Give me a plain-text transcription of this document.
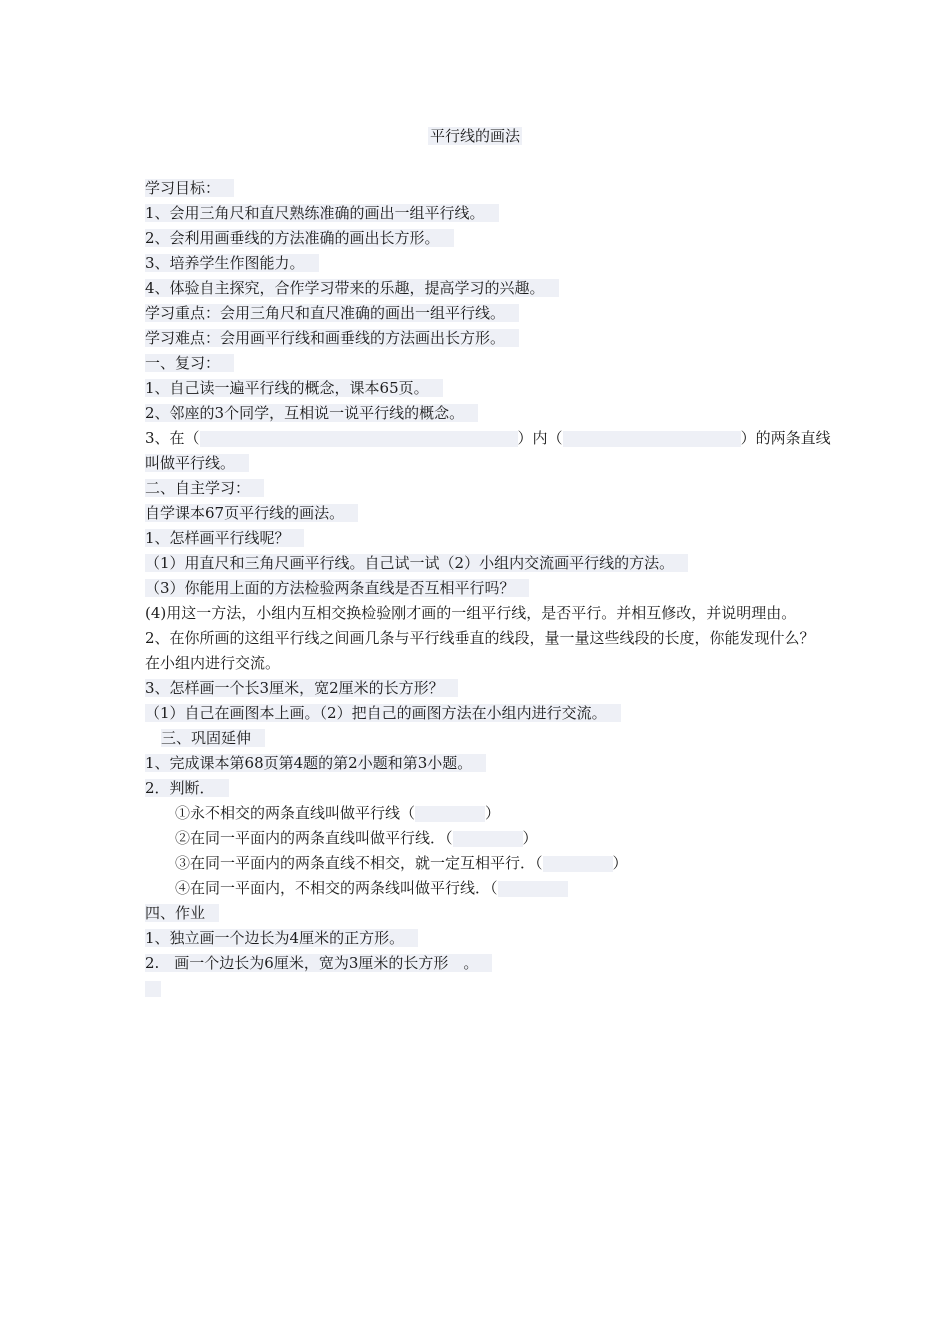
平行线的画法
学习目标：
1、会用三角尺和直尺熟练准确的画出一组平行线。
2、会利用画垂线的方法准确的画出长方形。
3、培养学生作图能力。
4、体验自主探究，合作学习带来的乐趣，提高学习的兴趣。
学习重点：会用三角尺和直尺准确的画出一组平行线。
学习难点：会用画平行线和画垂线的方法画出长方形。
一、复习：
1、自己读一遍平行线的概念，课本65页。
2、邻座的3个同学，互相说一说平行线的概念。
3、在（	）内（	）的两条直线
叫做平行线。
二、自主学习：
自学课本67页平行线的画法。
1、怎样画平行线呢？
（1）用直尺和三角尺画平行线。自己试一试（2）小组内交流画平行线的方法。
（3）你能用上面的方法检验两条直线是否互相平行吗？
(4)用这一方法，小组内互相交换检验刚才画的一组平行线，是否平行。并相互修改，并说明理由。
2、在你所画的这组平行线之间画几条与平行线垂直的线段，量一量这些线段的长度，你能发现什么？在小组内进行交流。
3、怎样画一个长3厘米，宽2厘米的长方形？
（1）自己在画图本上画。（2）把自己的画图方法在小组内进行交流。
三、巩固延伸
1、完成课本第68页第4题的第2小题和第3小题。
2．判断．
①永不相交的两条直线叫做平行线（	）
②在同一平面内的两条直线叫做平行线．（	）
③在同一平面内的两条直线不相交，就一定互相平行．（	）
④在同一平面内，不相交的两条线叫做平行线．（
四、作业
1、独立画一个边长为4厘米的正方形。
2.　画一个边长为6厘米，宽为3厘米的长方形　。
